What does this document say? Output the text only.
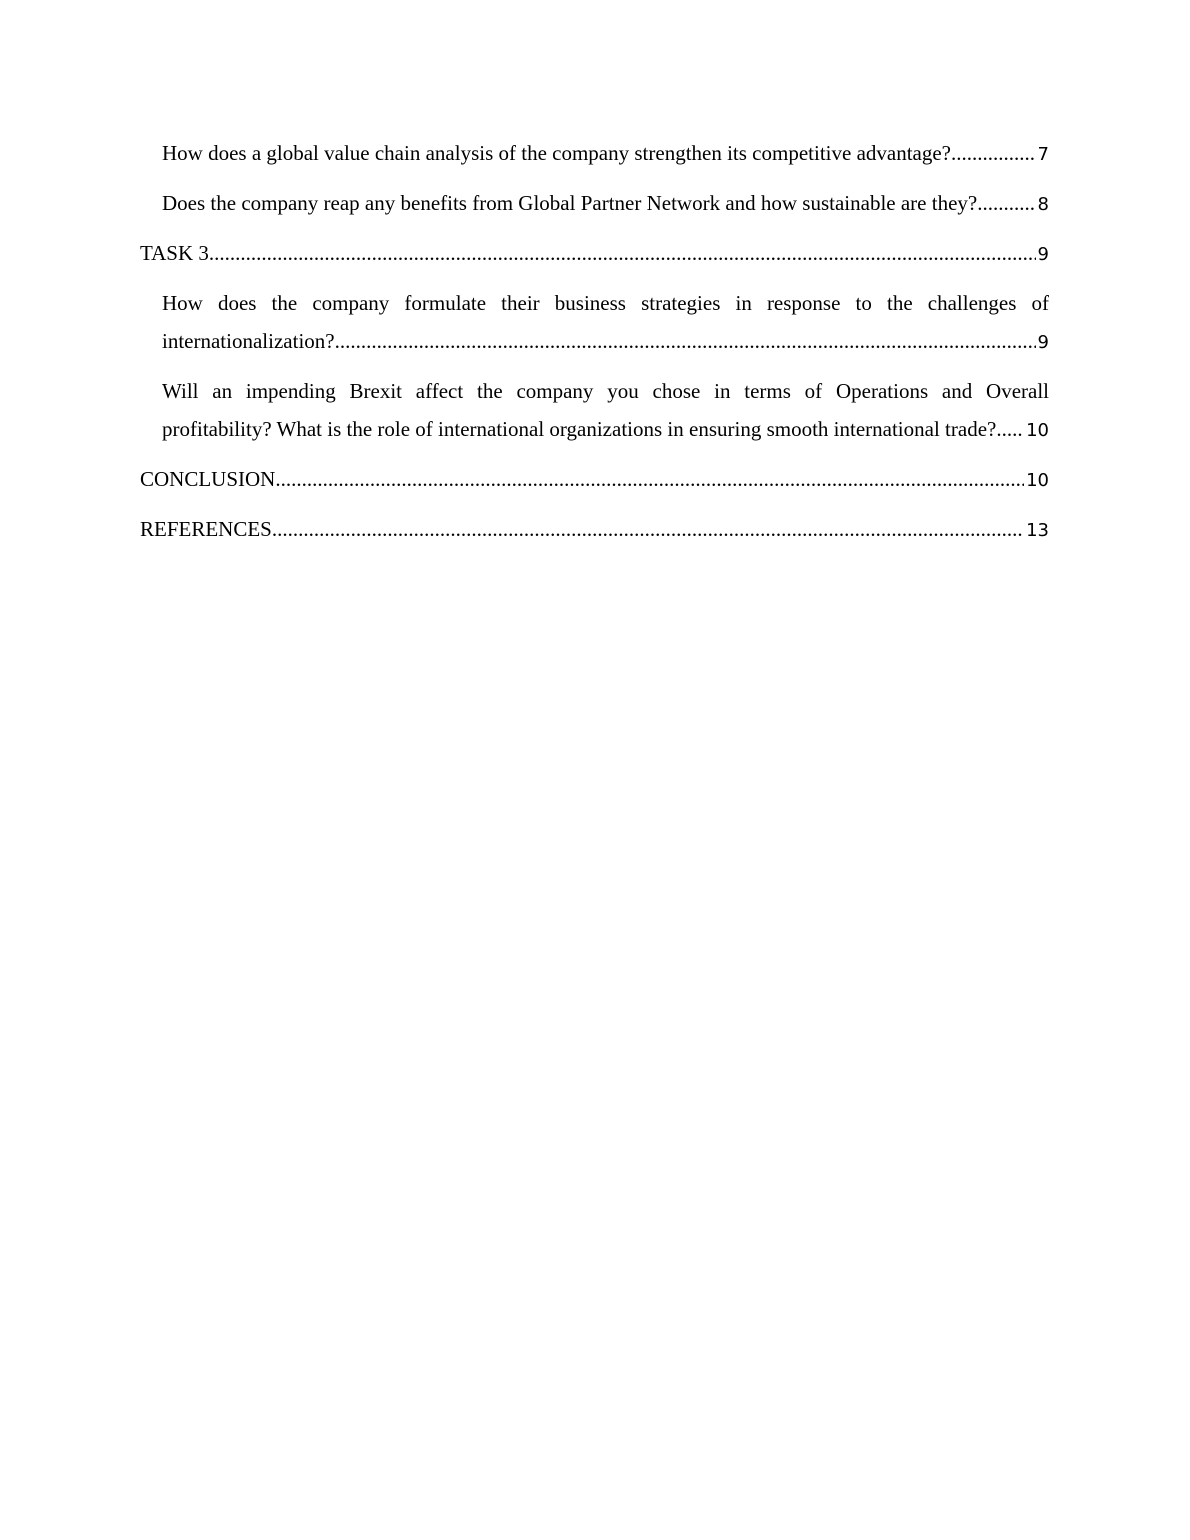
How does a global value chain analysis of the company strengthen its competitive advantage? .....	7
Does the company reap any benefits from Global Partner Network and how sustainable are they? .....	8
TASK 3 .....	9
How does the company formulate their business strategies in response to the challenges of
internationalization? .....	9
Will an impending Brexit affect the company you chose in terms of Operations and Overall
profitability? What is the role of international organizations in ensuring smooth international trade? ..... 10
CONCLUSION .....	10
REFERENCES .....	13
